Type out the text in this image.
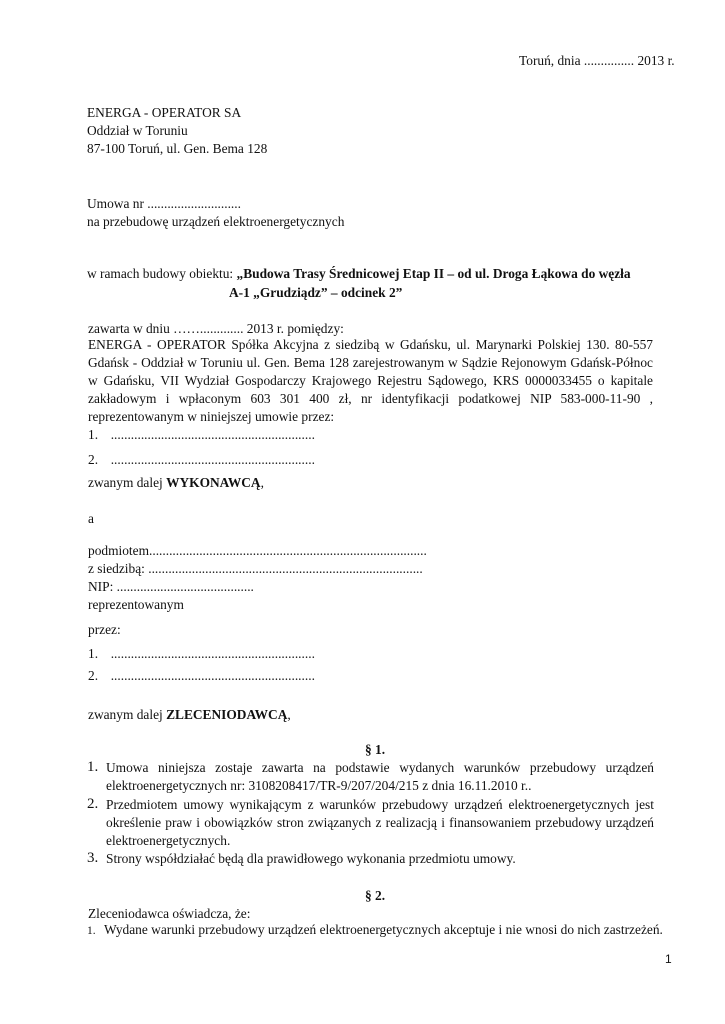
Toruń, dnia ............... 2013 r.
ENERGA - OPERATOR SA
Oddział w Toruniu
87-100 Toruń, ul. Gen. Bema 128
Umowa nr ............................
na przebudowę urządzeń elektroenergetycznych
w ramach budowy obiektu: „Budowa Trasy Średnicowej Etap II – od ul. Droga Łąkowa do węzła
A-1 „Grudziądz” – odcinek 2”
zawarta w dniu ……............. 2013 r. pomiędzy:
ENERGA - OPERATOR Spółka Akcyjna z siedzibą w Gdańsku, ul. Marynarki Polskiej 130. 80-557 Gdańsk - Oddział w Toruniu ul. Gen. Bema 128 zarejestrowanym w Sądzie Rejonowym Gdańsk-Północ w Gdańsku, VII Wydział Gospodarczy Krajowego Rejestru Sądowego, KRS 0000033455 o kapitale zakładowym i wpłaconym 603 301 400 zł, nr identyfikacji podatkowej NIP 583-000-11-90 , reprezentowanym w niniejszej umowie przez:
1. .............................................................
2. .............................................................
zwanym dalej WYKONAWCĄ,
a
podmiotem...................................................................................
z siedzibą: ..................................................................................
NIP: .........................................
reprezentowanym
przez:
1. .............................................................
2. .............................................................
zwanym dalej ZLECENIODAWCĄ,
§ 1.
1. Umowa niniejsza zostaje zawarta na podstawie wydanych warunków przebudowy urządzeń elektroenergetycznych nr: 3108208417/TR-9/207/204/215 z dnia 16.11.2010 r..
2. Przedmiotem umowy wynikającym z warunków przebudowy urządzeń elektroenergetycznych jest określenie praw i obowiązków stron związanych z realizacją i finansowaniem przebudowy urządzeń elektroenergetycznych.
3. Strony współdziałać będą dla prawidłowego wykonania przedmiotu umowy.
§ 2.
Zleceniodawca oświadcza, że:
1. Wydane warunki przebudowy urządzeń elektroenergetycznych akceptuje i nie wnosi do nich zastrzeżeń.
1
